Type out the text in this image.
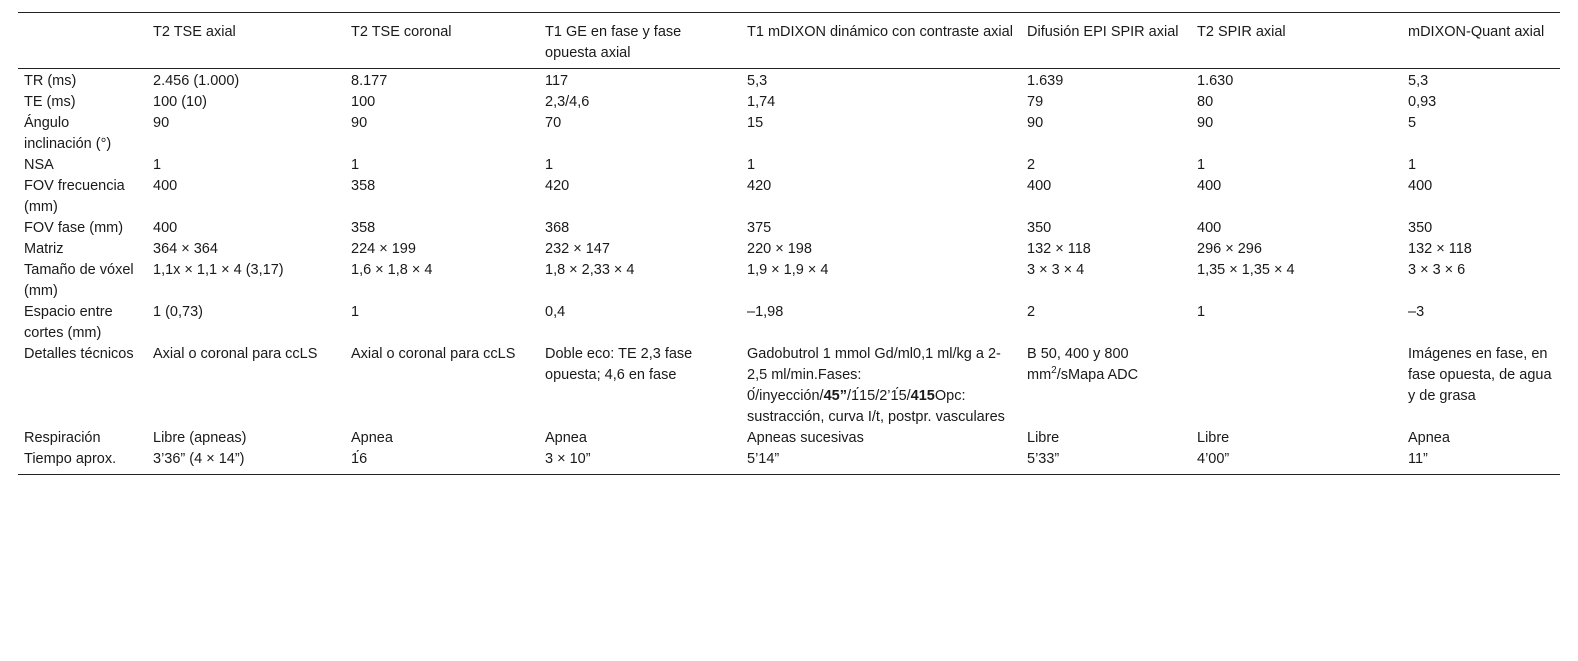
	T2 TSE axial	T2 TSE coronal	T1 GE en fase y fase opuesta axial	T1 mDIXON dinámico con contraste axial	Difusión EPI SPIR axial	T2 SPIR axial	mDIXON-Quant axial
TR (ms)	2.456 (1.000)	8.177	117	5,3	1.639	1.630	5,3
TE (ms)	100 (10)	100	2,3/4,6	1,74	79	80	0,93
Ángulo inclinación (°)	90	90	70	15	90	90	5
NSA	1	1	1	1	2	1	1
FOV frecuencia (mm)	400	358	420	420	400	400	400
FOV fase (mm)	400	358	368	375	350	400	350
Matriz	364 × 364	224 × 199	232 × 147	220 × 198	132 × 118	296 × 296	132 × 118
Tamaño de vóxel (mm)	1,1x × 1,1 × 4 (3,17)	1,6 × 1,8 × 4	1,8 × 2,33 × 4	1,9 × 1,9 × 4	3 × 3 × 4	1,35 × 1,35 × 4	3 × 3 × 6
Espacio entre cortes (mm)	1 (0,73)	1	0,4	–1,98	2	1	–3
Detalles técnicos	Axial o coronal para ccLS	Axial o coronal para ccLS	Doble eco: TE 2,3 fase opuesta; 4,6 en fase	Gadobutrol 1 mmol Gd/ml0,1 ml/kg a 2-2,5 ml/min.Fases: 0́/inyección/45”/1́15/2’1́5/415Opc: sustracción, curva I/t, postpr. vasculares	B 50, 400 y 800 $mm^2$/sMapa ADC		Imágenes en fase, en fase opuesta, de agua y de grasa
Respiración	Libre (apneas)	Apnea	Apnea	Apneas sucesivas	Libre	Libre	Apnea
Tiempo aprox.	3’36” (4 × 14”)	1́6	3 × 10”	5’14”	5’33”	4’00”	11”
